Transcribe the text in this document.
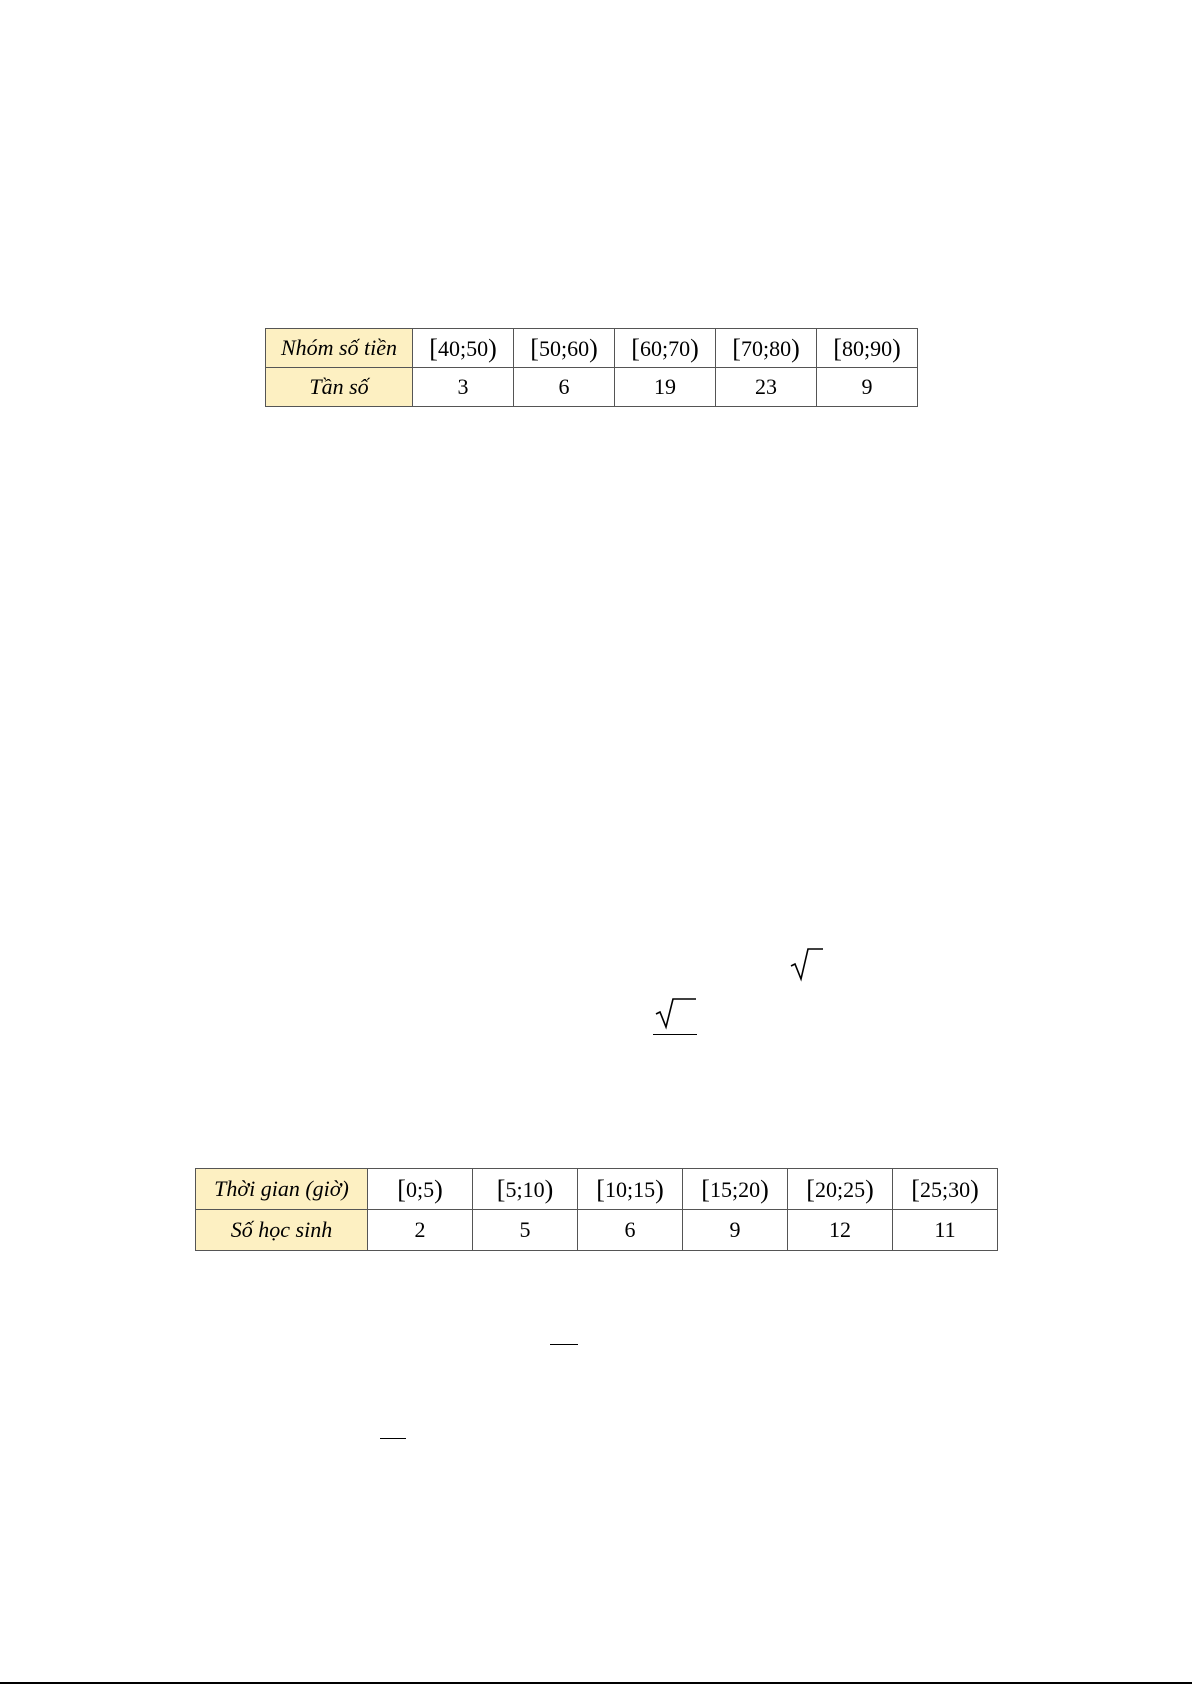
Nhóm số tiền	[40;50)	[50;60)	[60;70)	[70;80)	[80;90)
Tần số	3	6	19	23	9
Thời gian (giờ)	[0;5)	[5;10)	[10;15)	[15;20)	[20;25)	[25;30)
Số học sinh	2	5	6	9	12	11
